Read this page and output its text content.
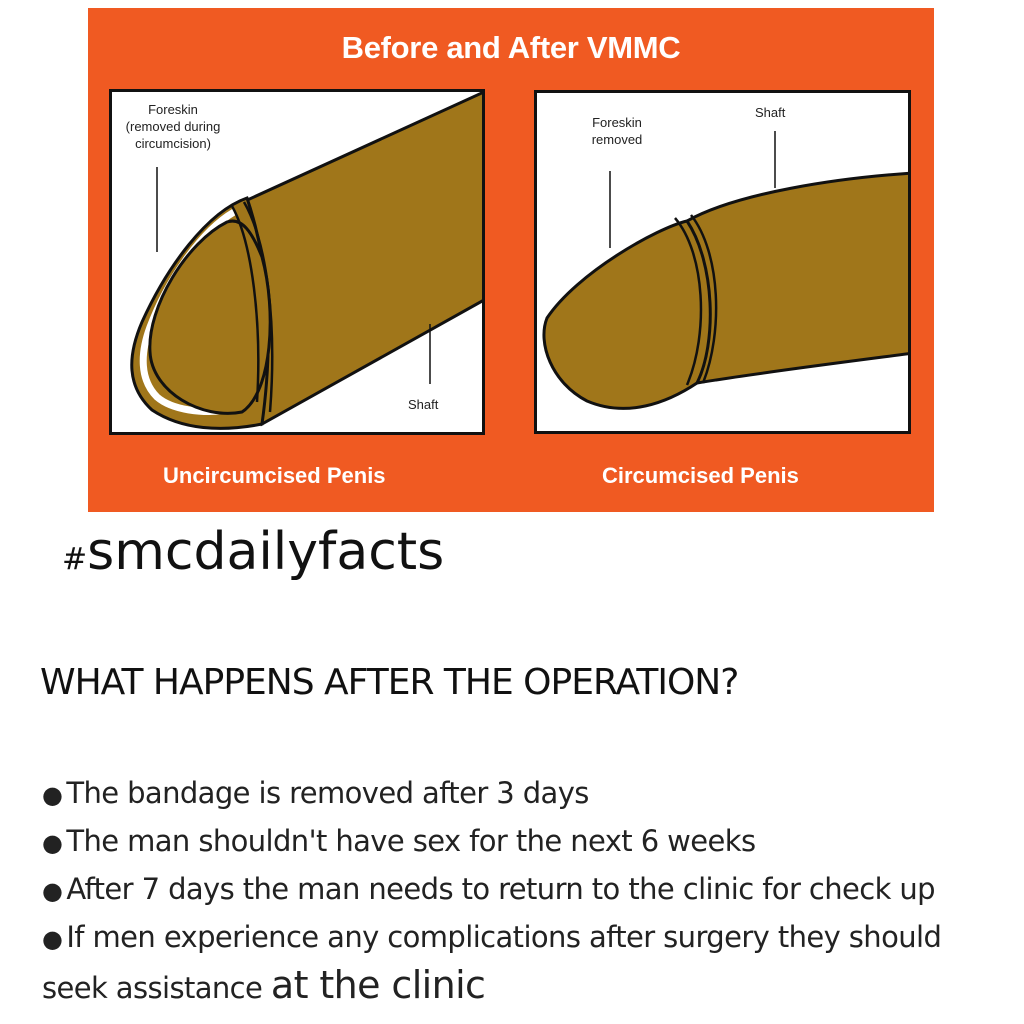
Before and After VMMC
Foreskin
(removed during
circumcision)
Shaft
Foreskin
removed
Shaft
Uncircumcised Penis	Circumcised Penis
#smcdailyfacts
WHAT HAPPENS AFTER THE OPERATION?
● The bandage is removed after 3 days
● The man shouldn't have sex for the next 6 weeks
● After 7 days the man needs to return to the clinic for check up
● If men experience any complications after surgery they should
seek assistance at the clinic
